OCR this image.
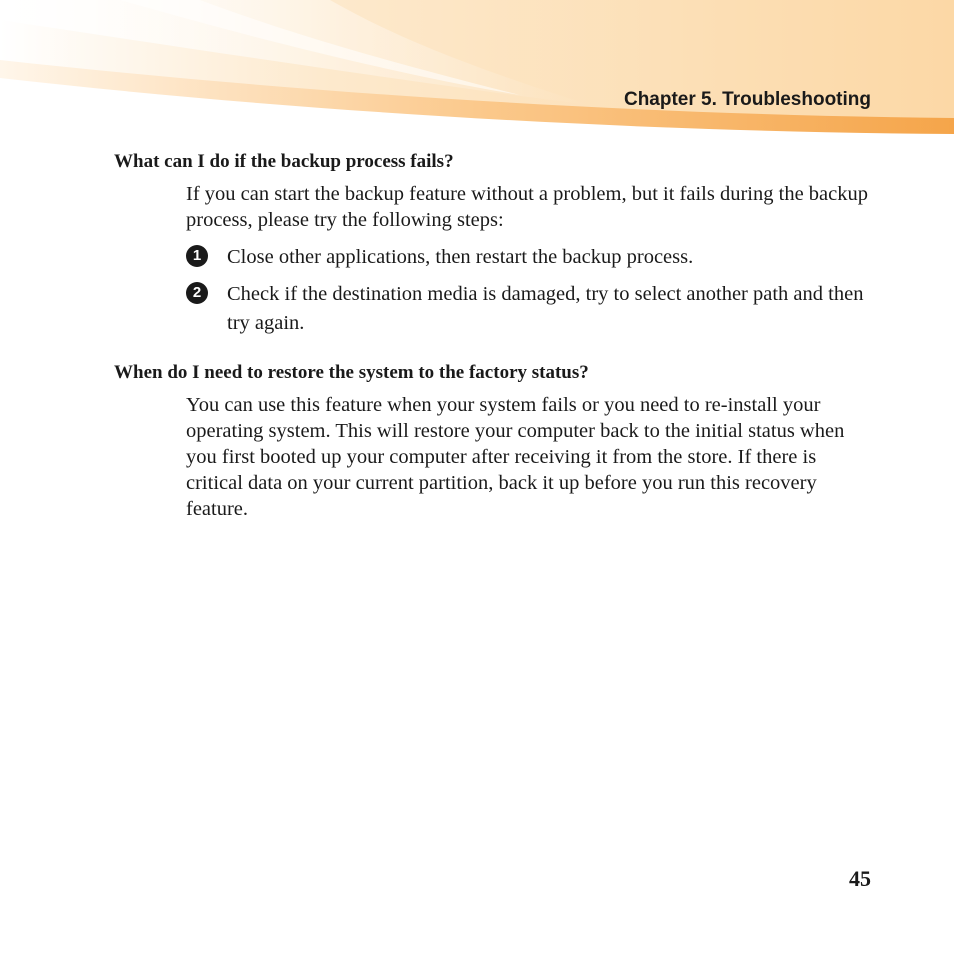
Chapter 5. Troubleshooting
What can I do if the backup process fails?

If you can start the backup feature without a problem, but it fails during the backup process, please try the following steps:

1	Close other applications, then restart the backup process.

2	Check if the destination media is damaged, try to select another path and then try again.

When do I need to restore the system to the factory status?

You can use this feature when your system fails or you need to re-install your operating system. This will restore your computer back to the initial status when you first booted up your computer after receiving it from the store. If there is critical data on your current partition, back it up before you run this recovery feature.

45
